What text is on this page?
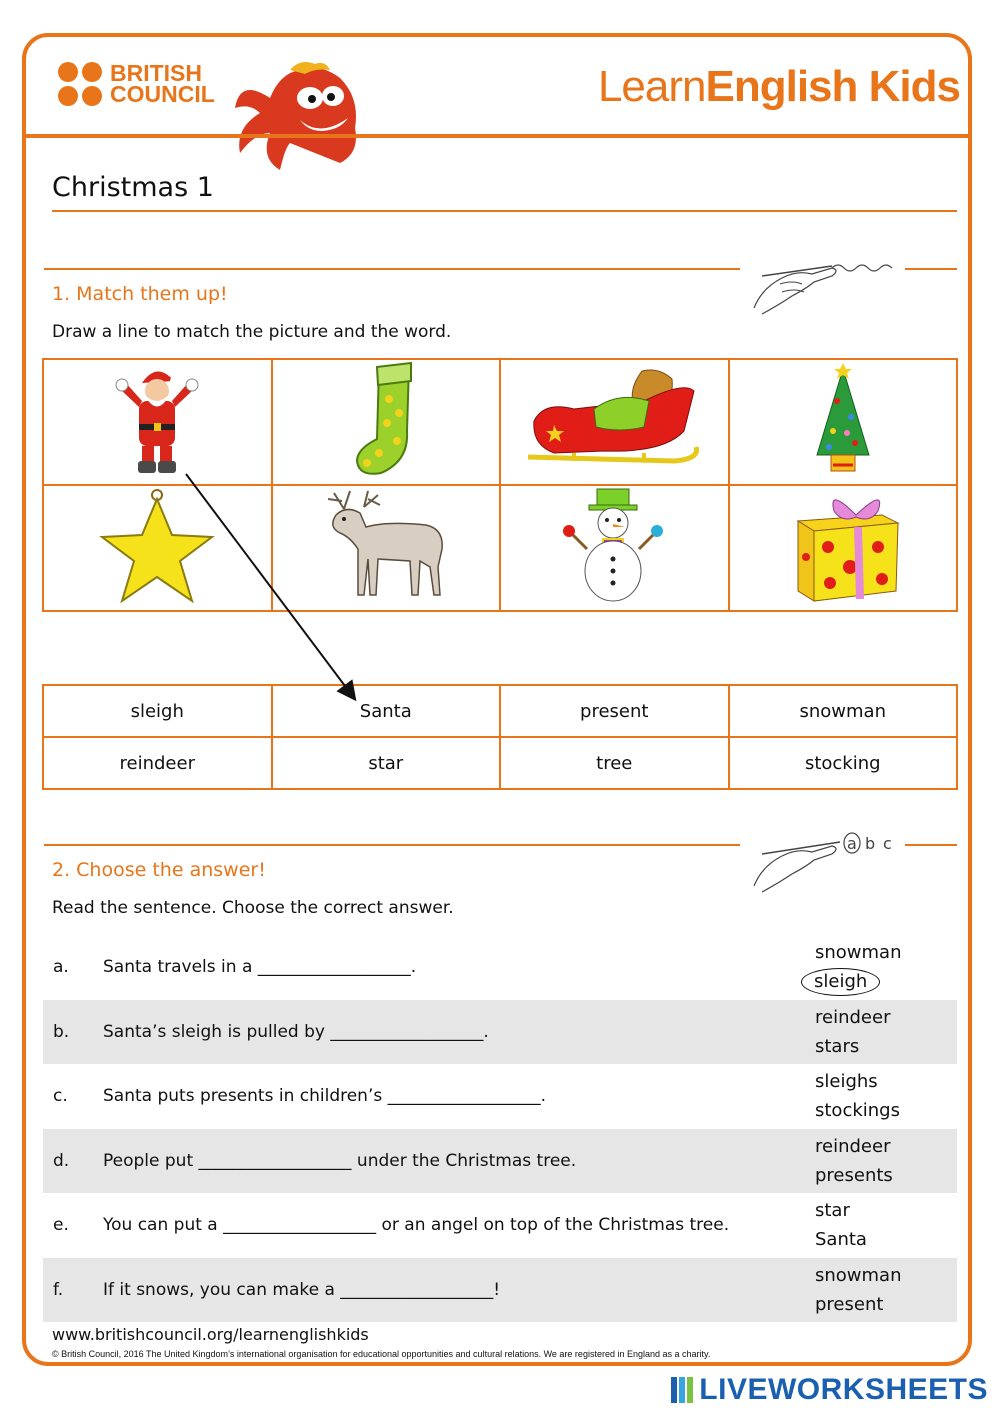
BRITISH
COUNCIL	LearnEnglish Kids
Christmas 1
1. Match them up!
Draw a line to match the picture and the word.

sleigh	Santa	present	snowman
reindeer	star	tree	stocking
a b c
2. Choose the answer!
Read the sentence. Choose the correct answer.
a.	Santa travels in a __________________.
snowman
sleigh
b.	Santa’s sleigh is pulled by __________________.
reindeer
stars
c.	Santa puts presents in children’s __________________.
sleighs
stockings
d.	People put __________________ under the Christmas tree.
reindeer
presents
e.	You can put a __________________ or an angel on top of the Christmas tree.
star
Santa
f.	If it snows, you can make a __________________!
snowman
present
www.britishcouncil.org/learnenglishkids
© British Council, 2016 The United Kingdom’s international organisation for educational opportunities and cultural relations. We are registered in England as a charity.
LIVEWORKSHEETS
